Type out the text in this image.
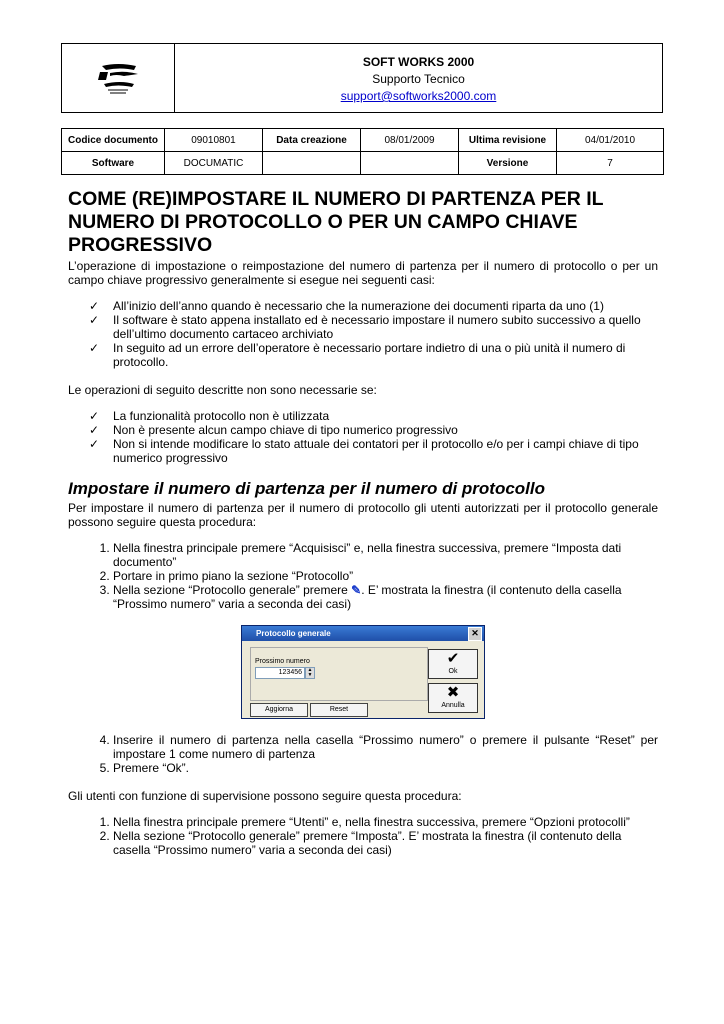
SOFT WORKS 2000
Supporto Tecnico
support@softworks2000.com
Codice documento	09010801	Data creazione	08/01/2009	Ultima revisione	04/01/2010
Software	DOCUMATIC			Versione	7
COME (RE)IMPOSTARE IL NUMERO DI PARTENZA PER IL NUMERO DI PROTOCOLLO O PER UN CAMPO CHIAVE PROGRESSIVO

L’operazione di impostazione o reimpostazione del numero di partenza per il numero di protocollo o per un campo chiave progressivo generalmente si esegue nei seguenti casi:

✓ All’inizio dell’anno quando è necessario che la numerazione dei documenti riparta da uno (1)
✓ Il software è stato appena installato ed è necessario impostare il numero subito successivo a quello dell’ultimo documento cartaceo archiviato
✓ In seguito ad un errore dell’operatore è necessario portare indietro di una o più unità il numero di protocollo.

Le operazioni di seguito descritte non sono necessarie se:

✓ La funzionalità protocollo non è utilizzata
✓ Non è presente alcun campo chiave di tipo numerico progressivo
✓ Non si intende modificare lo stato attuale dei contatori per il protocollo e/o per i campi chiave di tipo numerico progressivo
Impostare il numero di partenza per il numero di protocollo

Per impostare il numero di partenza per il numero di protocollo gli utenti autorizzati per il protocollo generale possono seguire questa procedura:

1. Nella finestra principale premere “Acquisisci” e, nella finestra successiva, premere “Imposta dati documento”
2. Portare in primo piano la sezione “Protocollo”
3. Nella sezione “Protocollo generale” premere ✎. E’ mostrata la finestra (il contenuto della casella “Prossimo numero” varia a seconda dei casi)
Protocollo generale	✕
Prossimo numero
123456	▲
▼
Aggiorna	Reset
✔
Ok
✖
Annulla
4. Inserire il numero di partenza nella casella “Prossimo numero” o premere il pulsante “Reset” per impostare 1 come numero di partenza
5. Premere “Ok”.

Gli utenti con funzione di supervisione possono seguire questa procedura:

1. Nella finestra principale premere “Utenti” e, nella finestra successiva, premere “Opzioni protocolli”
2. Nella sezione “Protocollo generale” premere “Imposta”. E’ mostrata la finestra (il contenuto della casella “Prossimo numero” varia a seconda dei casi)
